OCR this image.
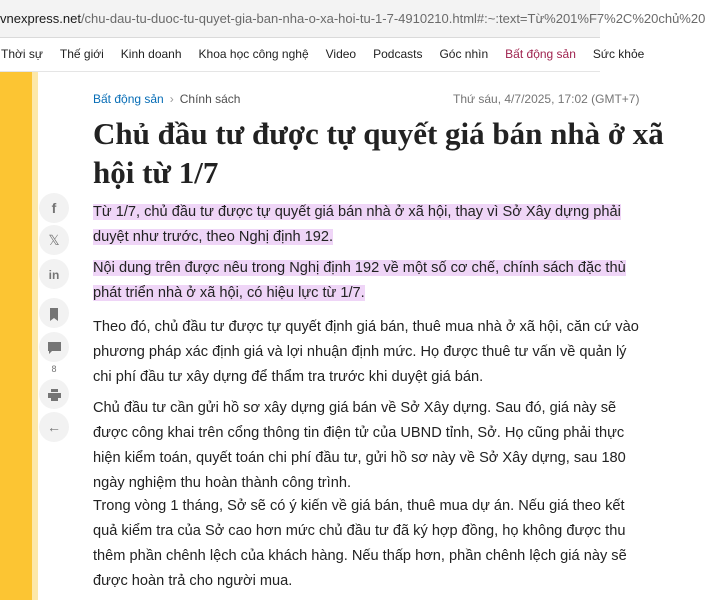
vnexpress.net/chu-dau-tu-duoc-tu-quyet-gia-ban-nha-o-xa-hoi-tu-1-7-4910210.html#:~:text=Từ%201%F7%2C%20chủ%20
Thời sự Thế giới Kinh doanh Khoa học công nghệ Video Podcasts Góc nhìn Bất động sản Sức khỏe
f
𝕏
in
8
←
Bất động sản › Chính sách	Thứ sáu, 4/7/2025, 17:02 (GMT+7)
Chủ đầu tư được tự quyết giá bán nhà ở xã
hội từ 1/7
Từ 1/7, chủ đầu tư được tự quyết giá bán nhà ở xã hội, thay vì Sở Xây dựng phải
duyệt như trước, theo Nghị định 192.
Nội dung trên được nêu trong Nghị định 192 về một số cơ chế, chính sách đặc thù
phát triển nhà ở xã hội, có hiệu lực từ 1/7.
Theo đó, chủ đầu tư được tự quyết định giá bán, thuê mua nhà ở xã hội, căn cứ vào
phương pháp xác định giá và lợi nhuận định mức. Họ được thuê tư vấn về quản lý
chi phí đầu tư xây dựng để thẩm tra trước khi duyệt giá bán.
Chủ đầu tư cần gửi hồ sơ xây dựng giá bán về Sở Xây dựng. Sau đó, giá này sẽ
được công khai trên cổng thông tin điện tử của UBND tỉnh, Sở. Họ cũng phải thực
hiện kiểm toán, quyết toán chi phí đầu tư, gửi hồ sơ này về Sở Xây dựng, sau 180
ngày nghiệm thu hoàn thành công trình.
Trong vòng 1 tháng, Sở sẽ có ý kiến về giá bán, thuê mua dự án. Nếu giá theo kết
quả kiểm tra của Sở cao hơn mức chủ đầu tư đã ký hợp đồng, họ không được thu
thêm phần chênh lệch của khách hàng. Nếu thấp hơn, phần chênh lệch giá này sẽ
được hoàn trả cho người mua.
